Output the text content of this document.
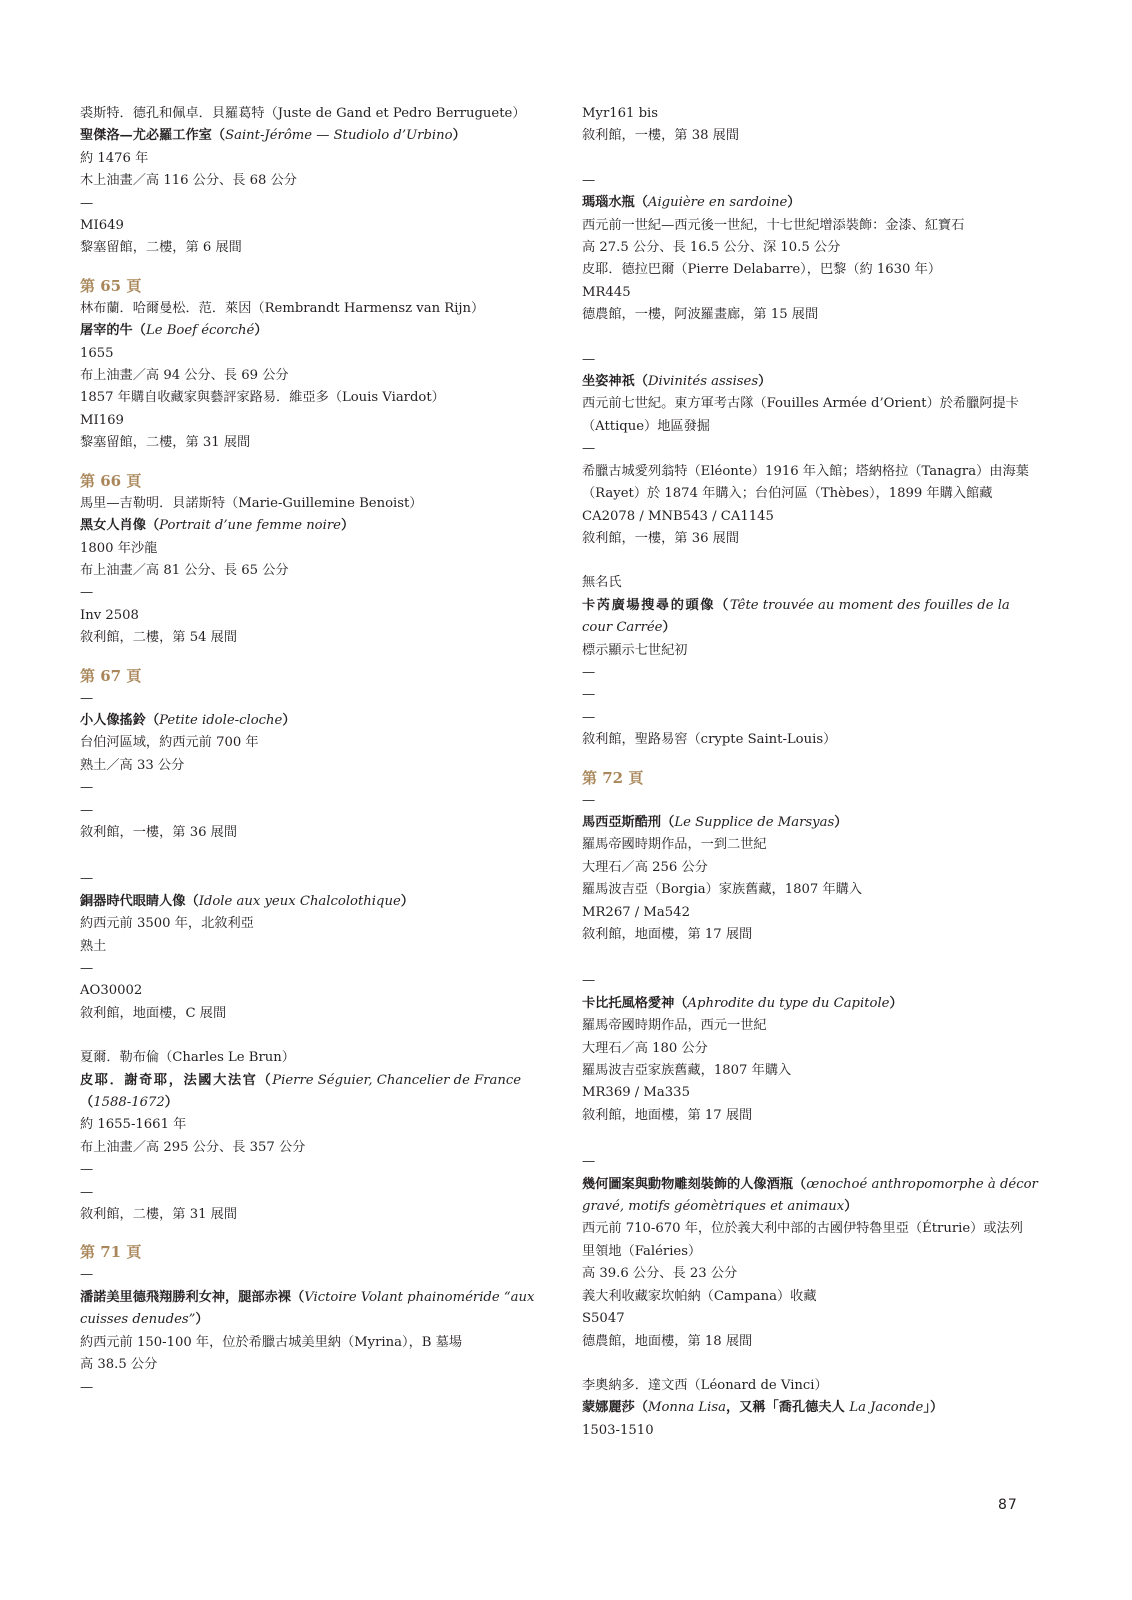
裘斯特．德孔和佩卓．貝羅葛特（Juste de Gand et Pedro Berruguete）
聖傑洛—尤必羅工作室（Saint-Jérôme — Studiolo d’Urbino）
約 1476 年
木上油畫／高 116 公分、長 68 公分
—
MI649
黎塞留館，二樓，第 6 展間
第 65 頁
林布蘭．哈爾曼松．范．萊因（Rembrandt Harmensz van Rijn）
屠宰的牛（Le Boef écorché）
1655
布上油畫／高 94 公分、長 69 公分
1857 年購自收藏家與藝評家路易．維亞多（Louis Viardot）
MI169
黎塞留館，二樓，第 31 展間
第 66 頁
馬里—吉勒明．貝諾斯特（Marie-Guillemine Benoist）
黑女人肖像（Portrait d’une femme noire）
1800 年沙龍
布上油畫／高 81 公分、長 65 公分
—
Inv 2508
敘利館，二樓，第 54 展間
第 67 頁
—
小人像搖鈴（Petite idole-cloche）
台伯河區域，約西元前 700 年
熟土／高 33 公分
—
—
敘利館，一樓，第 36 展間
—
銅器時代眼睛人像（Idole aux yeux Chalcolothique）
約西元前 3500 年，北敘利亞
熟土
—
AO30002
敘利館，地面樓，C 展間
夏爾．勒布倫（Charles Le Brun）
皮耶．謝奇耶，法國大法官（Pierre Séguier, Chancelier de France
（1588-1672）
約 1655-1661 年
布上油畫／高 295 公分、長 357 公分
—
—
敘利館，二樓，第 31 展間
第 71 頁
—
潘諾美里德飛翔勝利女神，腿部赤裸（Victoire Volant phainoméride “aux cuisses denudes”）
約西元前 150-100 年，位於希臘古城美里納（Myrina），B 墓場
高 38.5 公分
—
Myr161 bis
敘利館，一樓，第 38 展間
—
瑪瑙水瓶（Aiguière en sardoine）
西元前一世紀—西元後一世紀，十七世紀增添裝飾：金漆、紅寶石
高 27.5 公分、長 16.5 公分、深 10.5 公分
皮耶．德拉巴爾（Pierre Delabarre），巴黎（約 1630 年）
MR445
德農館，一樓，阿波羅畫廊，第 15 展間
—
坐姿神祇（Divinités assises）
西元前七世紀。東方軍考古隊（Fouilles Armée d’Orient）於希臘阿提卡
（Attique）地區發掘
—
希臘古城愛列翁特（Eléonte）1916 年入館；塔納格拉（Tanagra）由海葉
（Rayet）於 1874 年購入；台伯河區（Thèbes），1899 年購入館藏
CA2078 / MNB543 / CA1145
敘利館，一樓，第 36 展間
無名氏
卡芮廣場搜尋的頭像（Tête trouvée au moment des fouilles de la cour Carrée）
標示顯示七世紀初
—
—
—
敘利館，聖路易窖（crypte Saint-Louis）
第 72 頁
—
馬西亞斯酷刑（Le Supplice de Marsyas）
羅馬帝國時期作品，一到二世紀
大理石／高 256 公分
羅馬波吉亞（Borgia）家族舊藏，1807 年購入
MR267 / Ma542
敘利館，地面樓，第 17 展間
—
卡比托風格愛神（Aphrodite du type du Capitole）
羅馬帝國時期作品，西元一世紀
大理石／高 180 公分
羅馬波吉亞家族舊藏，1807 年購入
MR369 / Ma335
敘利館，地面樓，第 17 展間
—
幾何圖案與動物雕刻裝飾的人像酒瓶（œnochoé anthropomorphe à décor gravé, motifs géomètriques et animaux）
西元前 710-670 年，位於義大利中部的古國伊特魯里亞（Étrurie）或法列
里領地（Faléries）
高 39.6 公分、長 23 公分
義大利收藏家坎帕納（Campana）收藏
S5047
德農館，地面樓，第 18 展間
李奧納多．達文西（Léonard de Vinci）
蒙娜麗莎（Monna Lisa，又稱「喬孔德夫人 La Jaconde」）
1503-1510
87
